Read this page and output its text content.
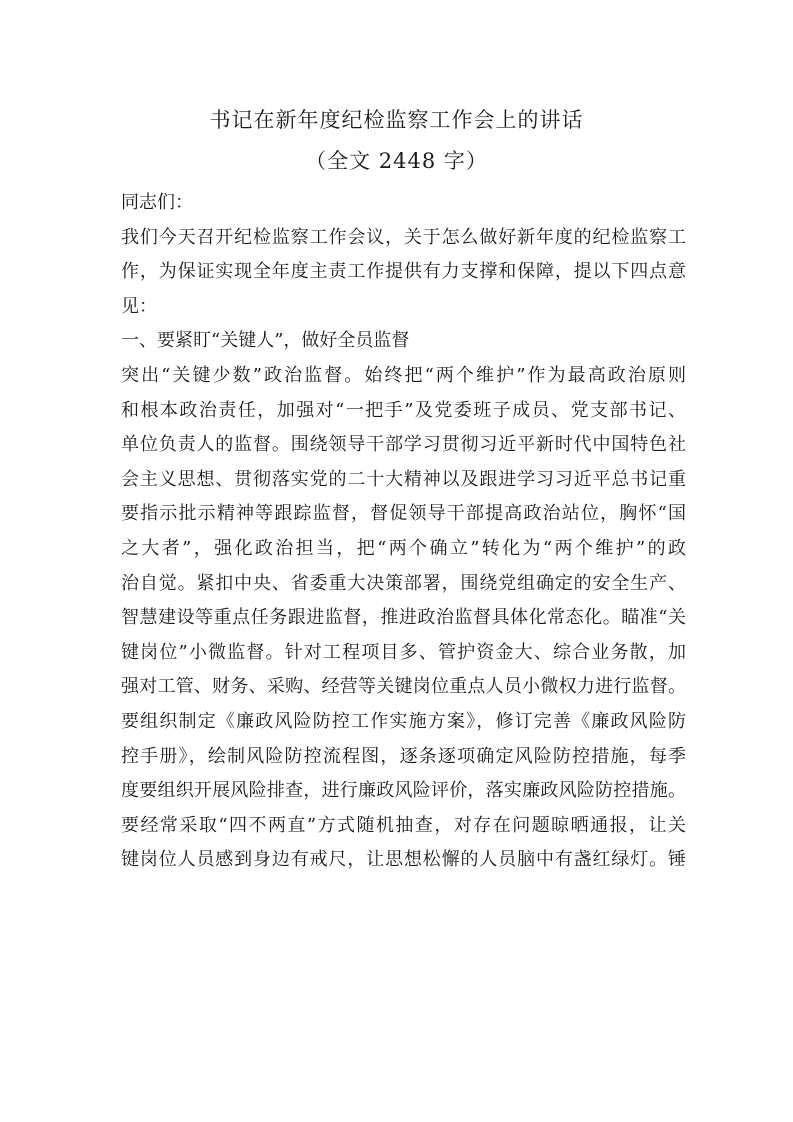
书记在新年度纪检监察工作会上的讲话
（全文 2448 字）
同志们：
我们今天召开纪检监察工作会议，关于怎么做好新年度的纪检监察工
作，为保证实现全年度主责工作提供有力支撑和保障，提以下四点意
见：
一、要紧盯“关键人”，做好全员监督
突出“关键少数”政治监督。始终把“两个维护”作为最高政治原则
和根本政治责任，加强对“一把手”及党委班子成员、党支部书记、
单位负责人的监督。围绕领导干部学习贯彻习近平新时代中国特色社
会主义思想、贯彻落实党的二十大精神以及跟进学习习近平总书记重
要指示批示精神等跟踪监督，督促领导干部提高政治站位，胸怀“国
之大者”，强化政治担当，把“两个确立”转化为“两个维护”的政
治自觉。紧扣中央、省委重大决策部署，围绕党组确定的安全生产、
智慧建设等重点任务跟进监督，推进政治监督具体化常态化。瞄准“关
键岗位”小微监督。针对工程项目多、管护资金大、综合业务散，加
强对工管、财务、采购、经营等关键岗位重点人员小微权力进行监督。
要组织制定《廉政风险防控工作实施方案》，修订完善《廉政风险防
控手册》，绘制风险防控流程图，逐条逐项确定风险防控措施，每季
度要组织开展风险排查，进行廉政风险评价，落实廉政风险防控措施。
要经常采取“四不两直”方式随机抽查，对存在问题晾晒通报，让关
键岗位人员感到身边有戒尺，让思想松懈的人员脑中有盏红绿灯。锤
